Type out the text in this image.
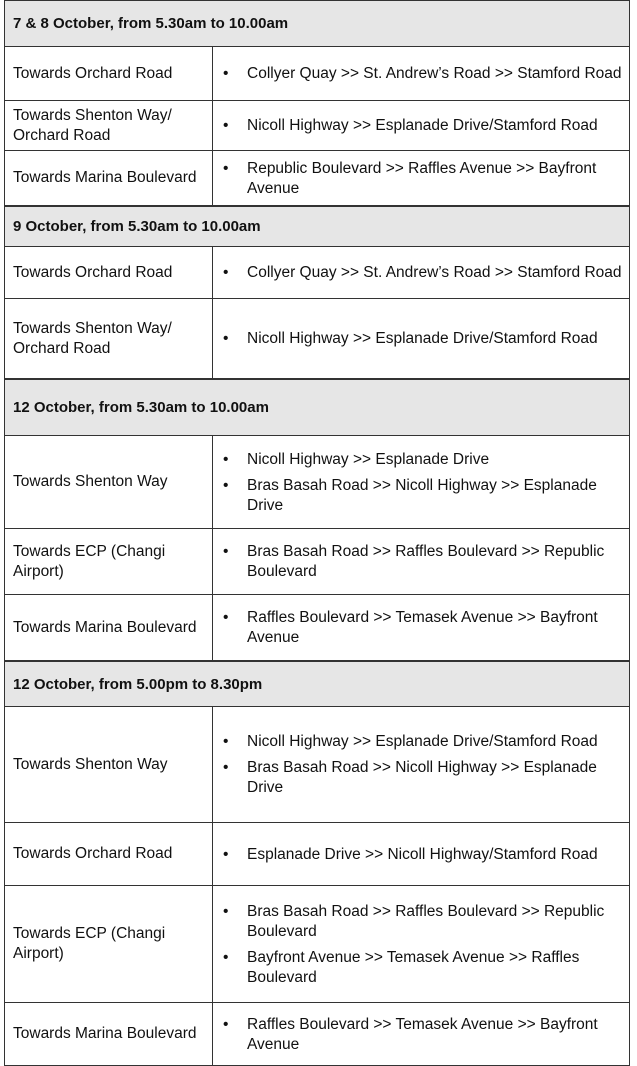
7 & 8 October, from 5.30am to 10.00am
Towards Orchard Road	• Collyer Quay >> St. Andrew’s Road >> Stamford Road
Towards Shenton Way/ Orchard Road
• Nicoll Highway >> Esplanade Drive/Stamford Road
Towards Marina Boulevard
• Republic Boulevard >> Raffles Avenue >> Bayfront Avenue
9 October, from 5.30am to 10.00am
Towards Orchard Road	• Collyer Quay >> St. Andrew’s Road >> Stamford Road
Towards Shenton Way/ Orchard Road
• Nicoll Highway >> Esplanade Drive/Stamford Road
12 October, from 5.30am to 10.00am
Towards Shenton Way
• Nicoll Highway >> Esplanade Drive
• Bras Basah Road >> Nicoll Highway >> Esplanade Drive
Towards ECP (Changi Airport)
• Bras Basah Road >> Raffles Boulevard >> Republic Boulevard
Towards Marina Boulevard
• Raffles Boulevard >> Temasek Avenue >> Bayfront Avenue
12 October, from 5.00pm to 8.30pm
Towards Shenton Way
• Nicoll Highway >> Esplanade Drive/Stamford Road
• Bras Basah Road >> Nicoll Highway >> Esplanade Drive
Towards Orchard Road	• Esplanade Drive >> Nicoll Highway/Stamford Road
Towards ECP (Changi Airport)
• Bras Basah Road >> Raffles Boulevard >> Republic Boulevard
• Bayfront Avenue >> Temasek Avenue >> Raffles Boulevard
Towards Marina Boulevard
• Raffles Boulevard >> Temasek Avenue >> Bayfront Avenue
